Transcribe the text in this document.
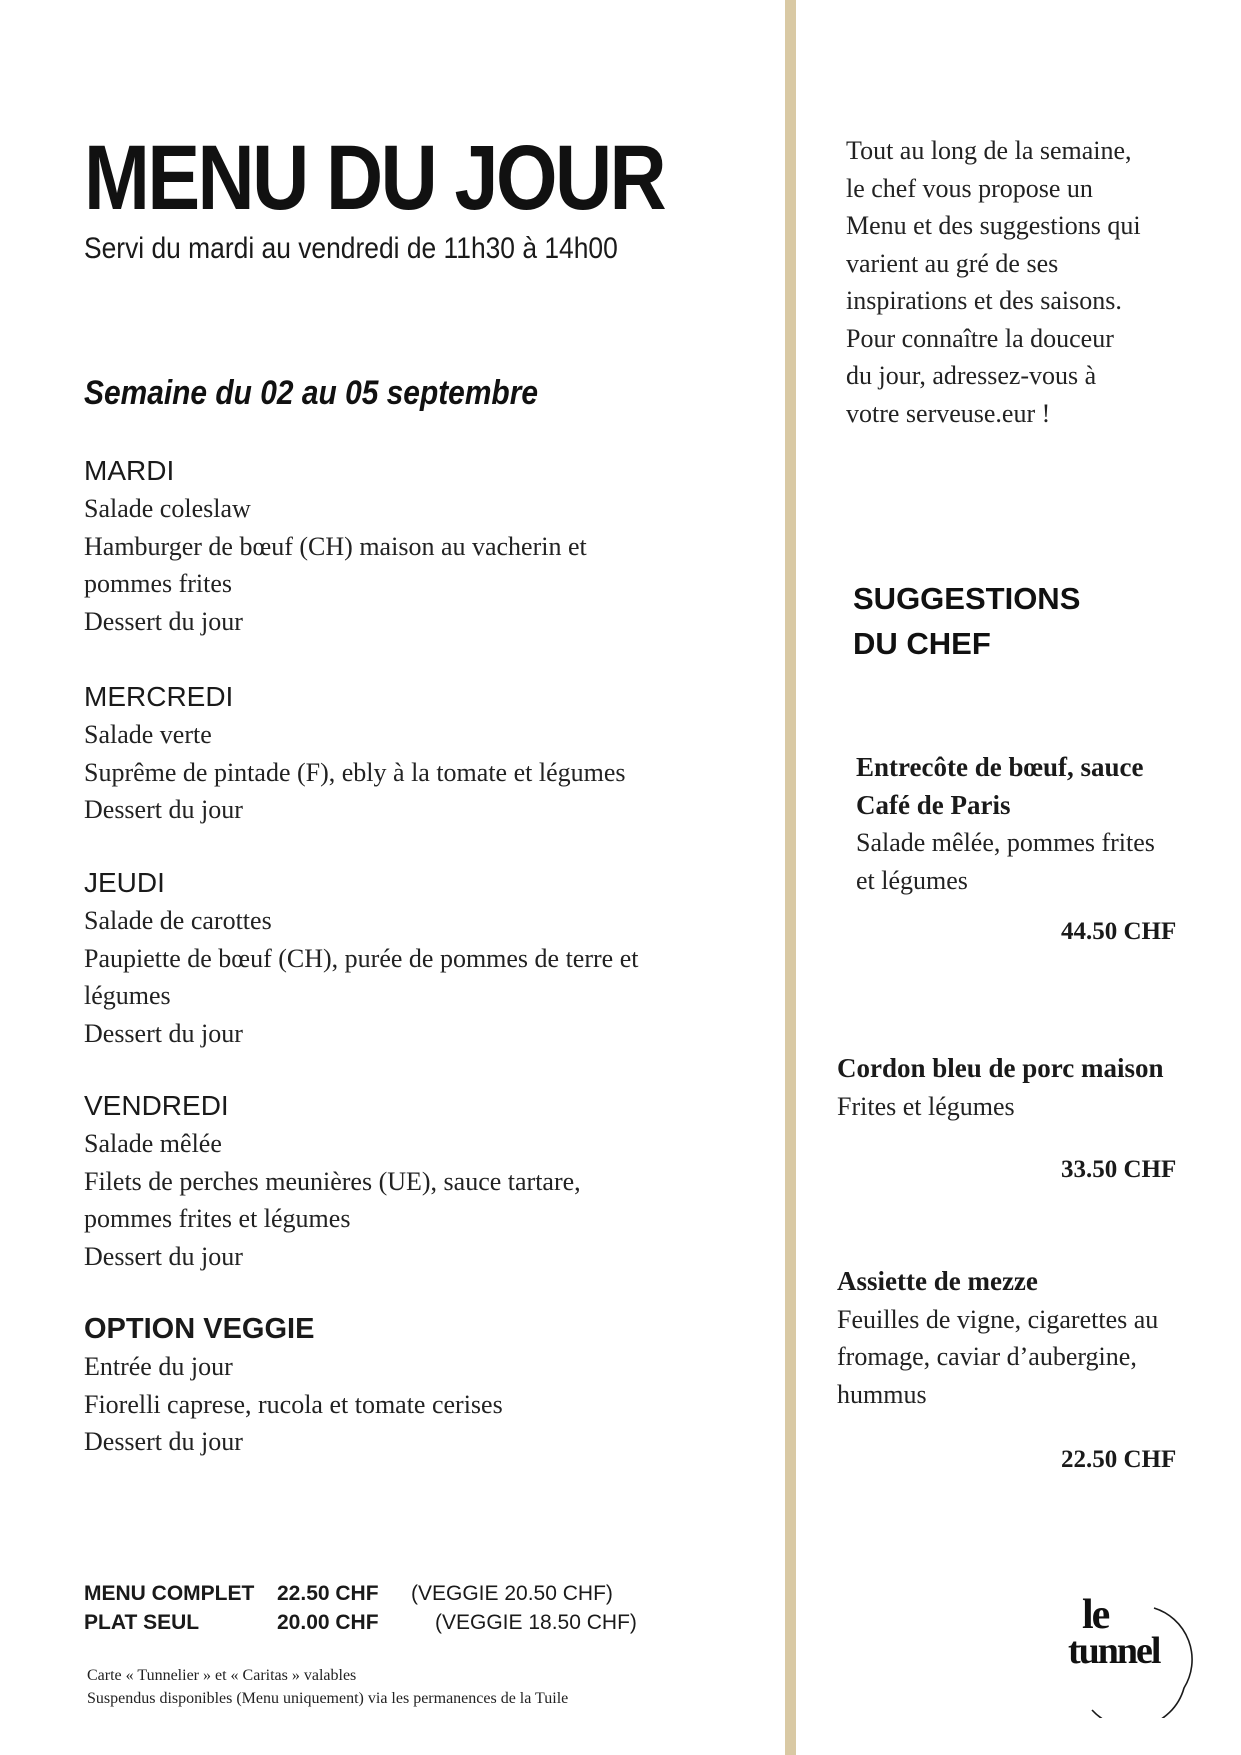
MENU DU JOUR
Servi du mardi au vendredi de 11h30 à 14h00
Semaine du 02 au 05 septembre
MARDI
Salade coleslaw
Hamburger de bœuf (CH) maison au vacherin et
pommes frites
Dessert du jour
MERCREDI
Salade verte
Suprême de pintade (F), ebly à la tomate et légumes
Dessert du jour
JEUDI
Salade de carottes
Paupiette de bœuf (CH), purée de pommes de terre et
légumes
Dessert du jour
VENDREDI
Salade mêlée
Filets de perches meunières (UE), sauce tartare,
pommes frites et légumes
Dessert du jour
OPTION VEGGIE
Entrée du jour
Fiorelli caprese, rucola et tomate cerises
Dessert du jour
MENU COMPLET 22.50 CHF (VEGGIE 20.50 CHF)
PLAT SEUL	20.00 CHF	(VEGGIE 18.50 CHF)
Carte « Tunnelier » et « Caritas » valables
Suspendus disponibles (Menu uniquement) via les permanences de la Tuile
Tout au long de la semaine,
le chef vous propose un
Menu et des suggestions qui
varient au gré de ses
inspirations et des saisons.
Pour connaître la douceur
du jour, adressez-vous à
votre serveuse.eur !
SUGGESTIONS
DU CHEF
Entrecôte de bœuf, sauce
Café de Paris
Salade mêlée, pommes frites
et légumes
44.50 CHF
Cordon bleu de porc maison
Frites et légumes
33.50 CHF
Assiette de mezze
Feuilles de vigne, cigarettes au
fromage, caviar d’aubergine,
hummus
22.50 CHF
le
tunnel
